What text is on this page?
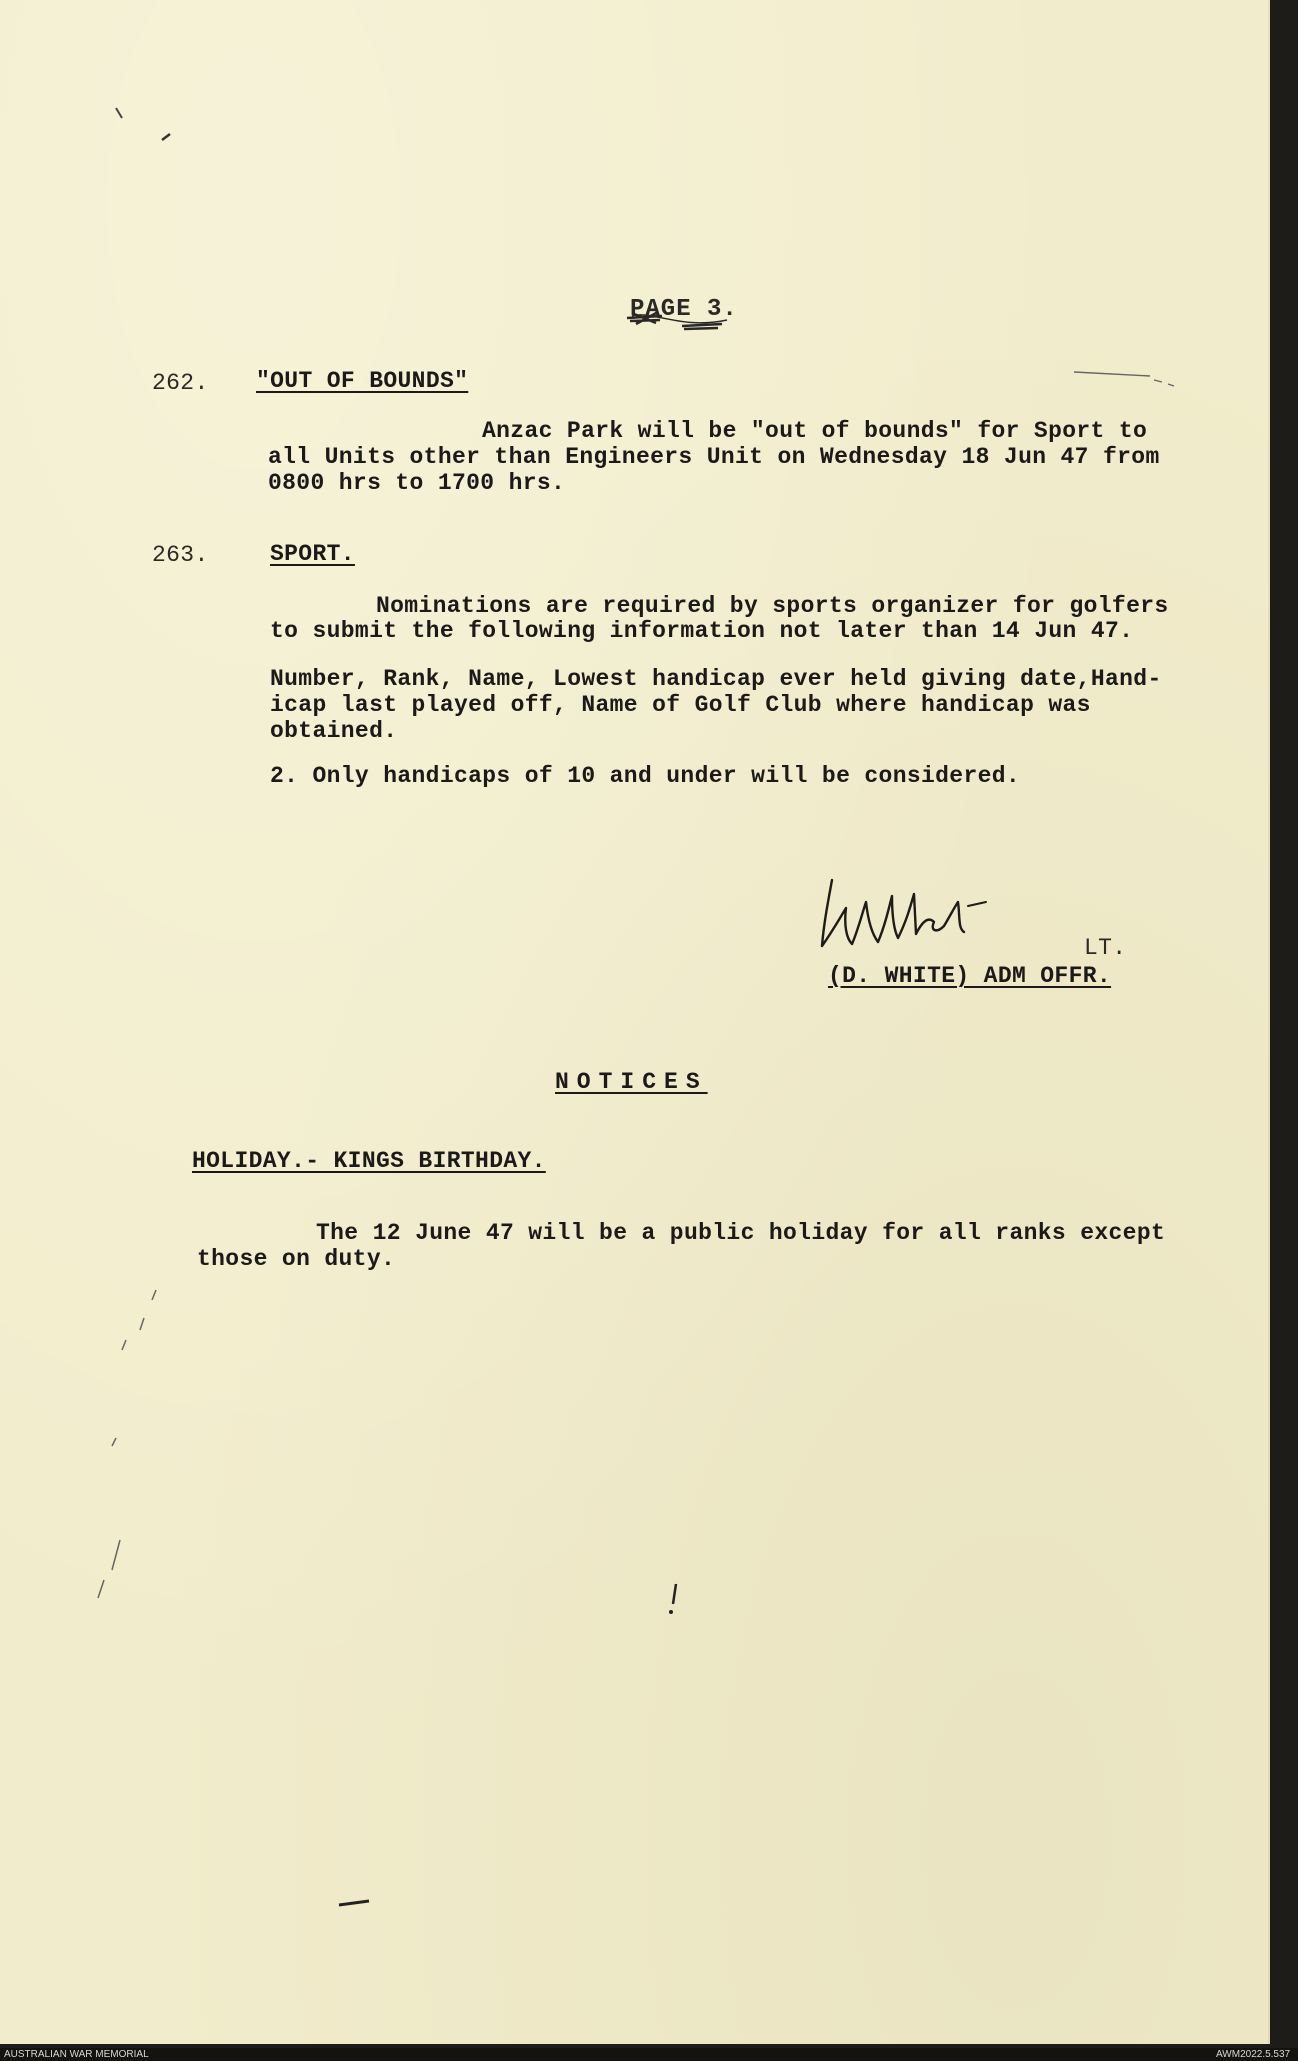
PAGE 3.
262. "OUT OF BOUNDS"
Anzac Park will be "out of bounds" for Sport to
all Units other than Engineers Unit on Wednesday 18 Jun 47 from
0800 hrs to 1700 hrs.
263.	SPORT.
Nominations are required by sports organizer for golfers
to submit the following information not later than 14 Jun 47.
Number, Rank, Name, Lowest handicap ever held giving date,Hand-
icap last played off, Name of Golf Club where handicap was
obtained.
2. Only handicaps of 10 and under will be considered.
LT.
(D. WHITE) ADM OFFR.
NOTICES
HOLIDAY.- KINGS BIRTHDAY.
The 12 June 47 will be a public holiday for all ranks except
those on duty.
AUSTRALIAN WAR MEMORIAL	AWM2022.5.537
